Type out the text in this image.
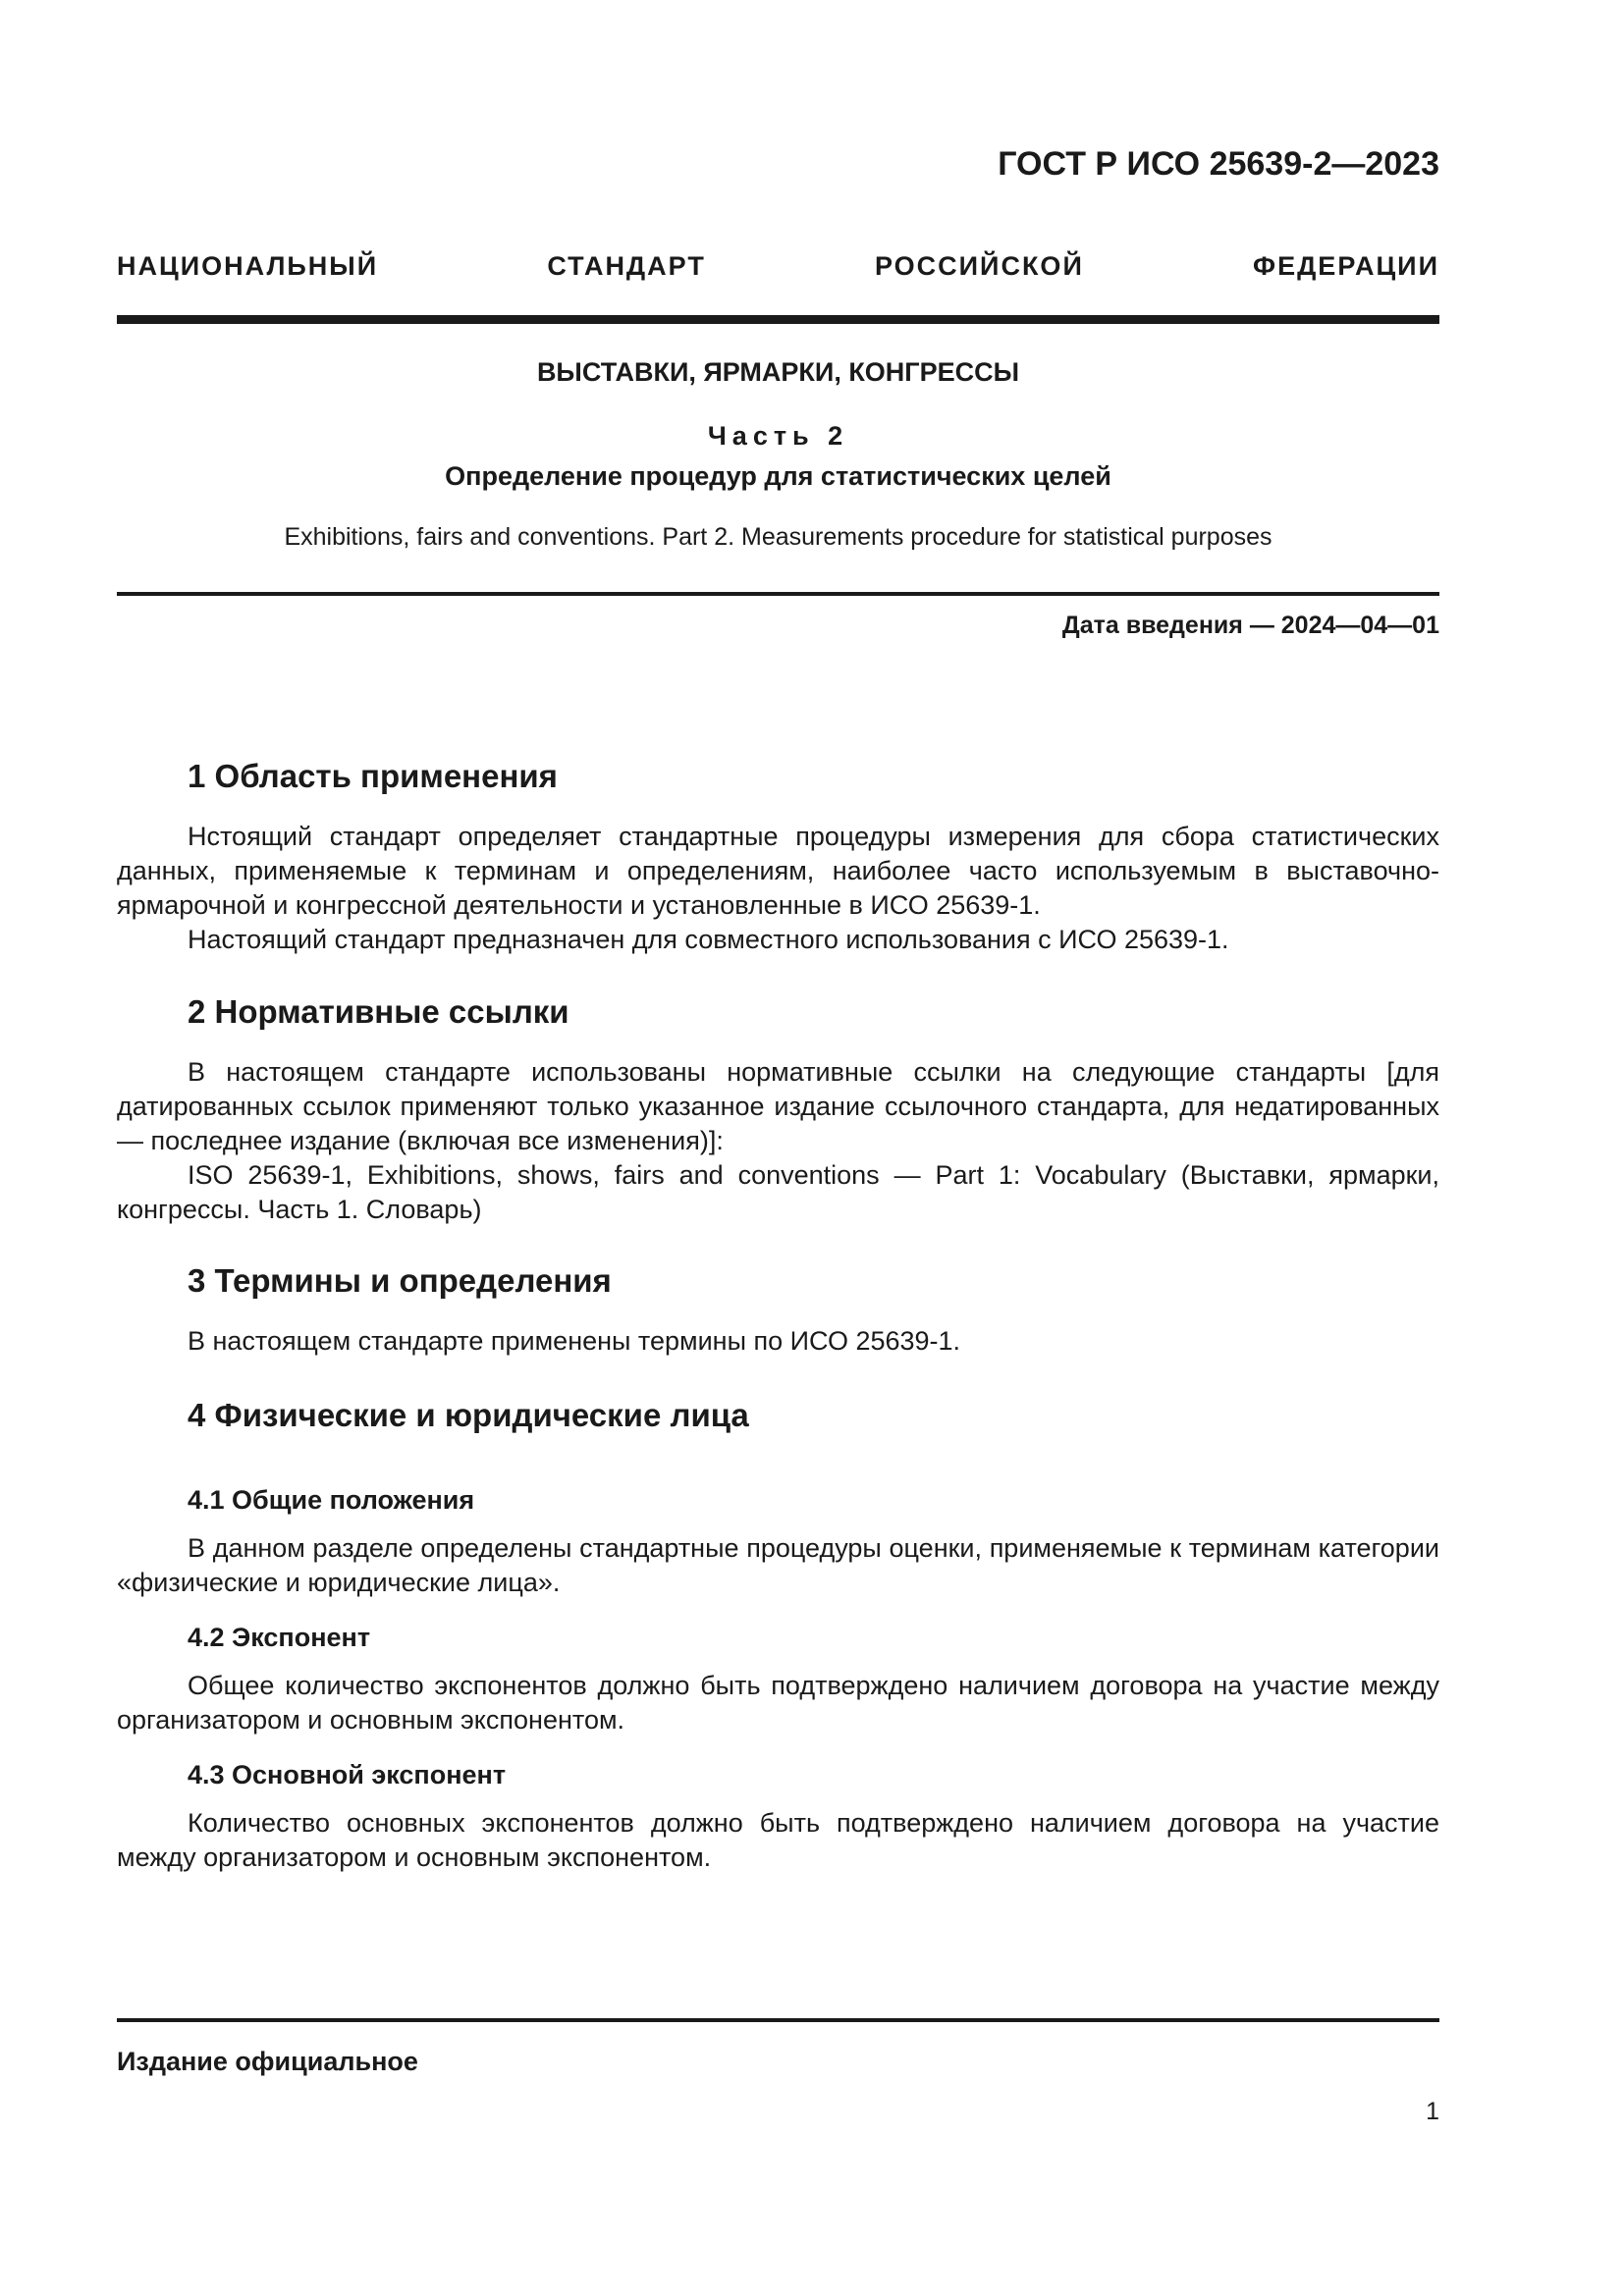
ГОСТ Р ИСО 25639-2—2023
НАЦИОНАЛЬНЫЙ СТАНДАРТ РОССИЙСКОЙ ФЕДЕРАЦИИ
ВЫСТАВКИ, ЯРМАРКИ, КОНГРЕССЫ
Часть 2
Определение процедур для статистических целей
Exhibitions, fairs and conventions. Part 2. Measurements procedure for statistical purposes
Дата введения — 2024—04—01
1 Область применения

Нстоящий стандарт определяет стандартные процедуры измерения для сбора статистических данных, применяемые к терминам и определениям, наиболее часто используемым в выставочно-ярмарочной и конгрессной деятельности и установленные в ИСО 25639-1.

Настоящий стандарт предназначен для совместного использования с ИСО 25639-1.

2 Нормативные ссылки

В настоящем стандарте использованы нормативные ссылки на следующие стандарты [для датированных ссылок применяют только указанное издание ссылочного стандарта, для недатированных — последнее издание (включая все изменения)]:

ISO 25639-1, Exhibitions, shows, fairs and conventions — Part 1: Vocabulary (Выставки, ярмарки, конгрессы. Часть 1. Словарь)

3 Термины и определения

В настоящем стандарте применены термины по ИСО 25639-1.

4 Физические и юридические лица
4.1 Общие положения

В данном разделе определены стандартные процедуры оценки, применяемые к терминам категории «физические и юридические лица».

4.2 Экспонент

Общее количество экспонентов должно быть подтверждено наличием договора на участие между организатором и основным экспонентом.

4.3 Основной экспонент

Количество основных экспонентов должно быть подтверждено наличием договора на участие между организатором и основным экспонентом.

Издание официальное
1
